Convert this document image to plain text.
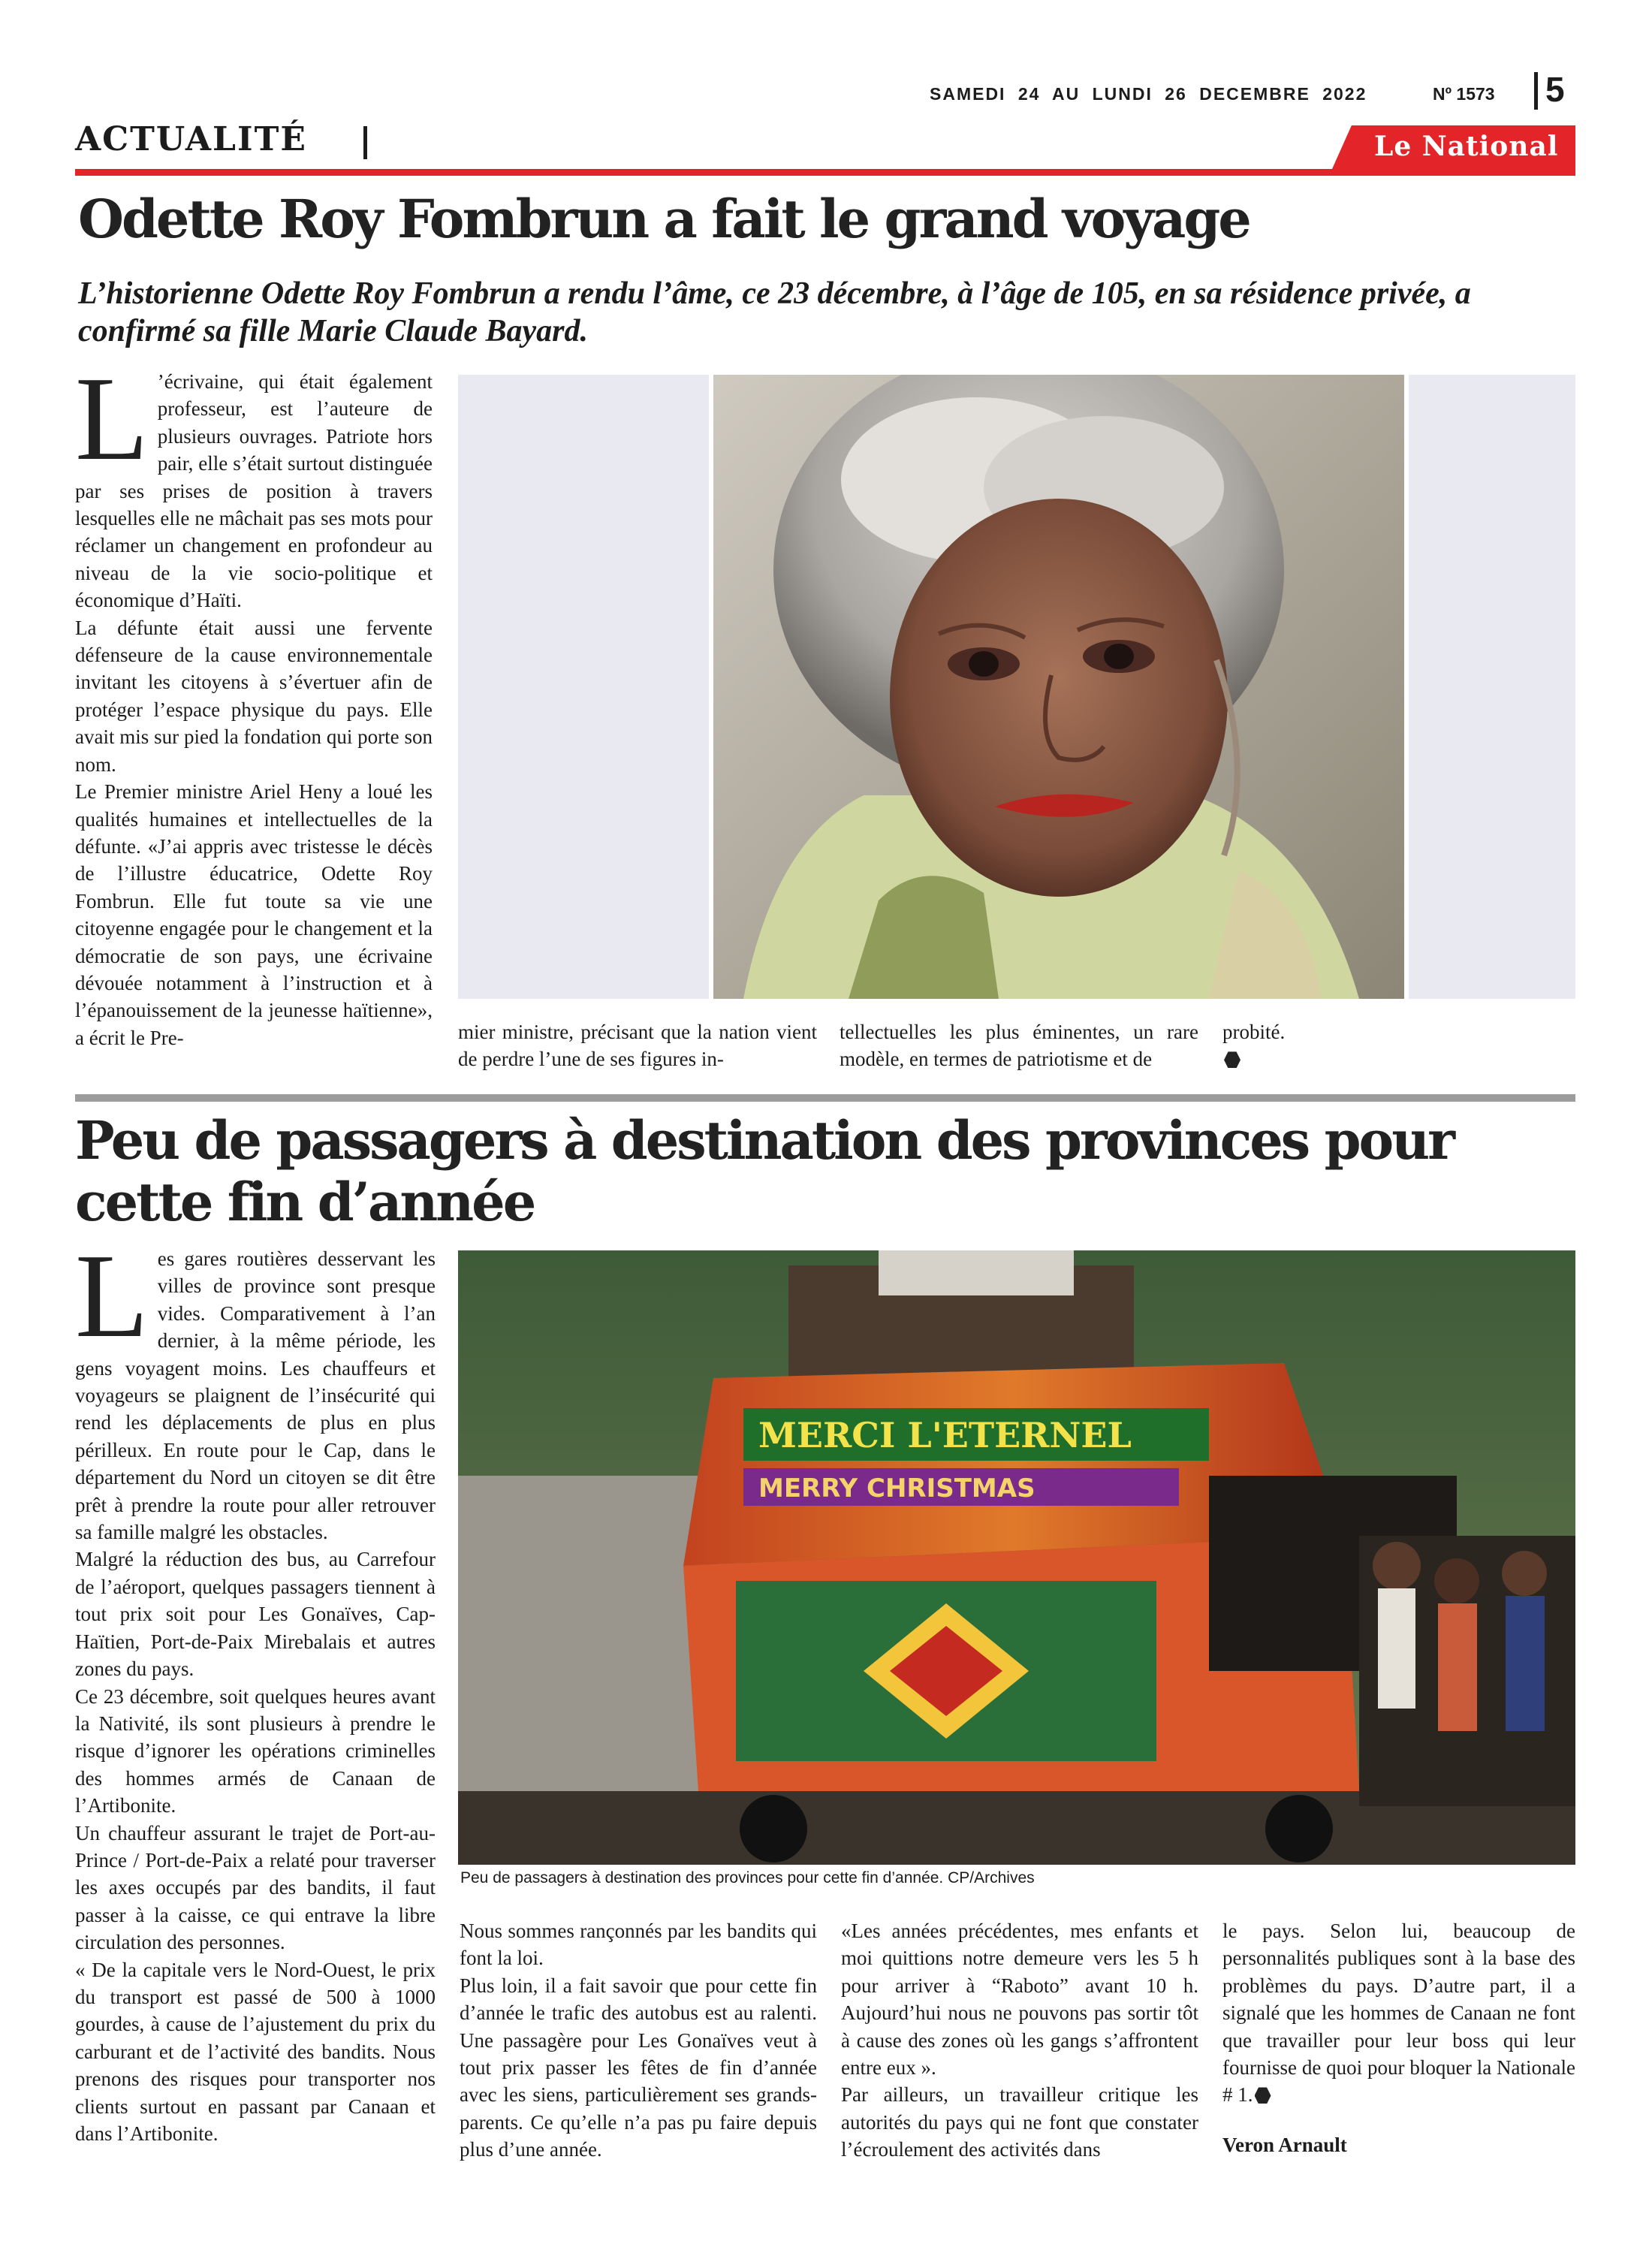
SAMEDI 24 AU LUNDI 26 DECEMBRE 2022	Nº 1573 5
ACTUALITÉ	Le National
Odette Roy Fombrun a fait le grand voyage

L’historienne Odette Roy Fombrun a rendu l’âme, ce 23 décembre, à l’âge de 105, en sa résidence privée, a confirmé sa fille Marie Claude Bayard.

L ’écrivaine, qui était également professeur, est l’auteure de plusieurs ouvrages. Patriote hors pair, elle s’était surtout distinguée par ses prises de position à travers lesquelles elle ne mâchait pas ses mots pour réclamer un changement en profondeur au niveau de la vie socio-politique et économique d’Haïti.

La défunte était aussi une fervente défenseure de la cause environnementale invitant les citoyens à s’évertuer afin de protéger l’espace physique du pays. Elle avait mis sur pied la fondation qui porte son nom.

Le Premier ministre Ariel Heny a loué les qualités humaines et intellectuelles de la défunte. «J’ai appris avec tristesse le décès de l’illustre éducatrice, Odette Roy Fombrun. Elle fut toute sa vie une citoyenne engagée pour le changement et la démocratie de son pays, une écrivaine dévouée notamment à l’instruction et à l’épanouissement de la jeunesse haïtienne», a écrit le Pre-	mier ministre, précisant que la nation vient de perdre l’une de ses figures in-
tellectuelles les plus éminentes, un rare modèle, en termes de patriotisme et de
probité.

Peu de passagers à destination des provinces pour cette fin d’année

Les gares routières desservant les villes de province sont presque vides. Comparativement à l’an dernier, à la même période, les gens voyagent moins. Les chauffeurs et voyageurs se plaignent de l’insécurité qui rend les déplacements de plus en plus périlleux. En route pour le Cap, dans le département du Nord un citoyen se dit être prêt à prendre la route pour aller retrouver sa famille malgré les obstacles.

Malgré la réduction des bus, au Carrefour de l’aéroport, quelques passagers tiennent à tout prix soit pour Les Gonaïves, Cap-Haïtien, Port-de-Paix Mirebalais et autres zones du pays.

Ce 23 décembre, soit quelques heures avant la Nativité, ils sont plusieurs à prendre le risque d’ignorer les opérations criminelles des hommes armés de Canaan de l’Artibonite.

Un chauffeur assurant le trajet de Port-au-Prince / Port-de-Paix a relaté pour traverser les axes occupés par des bandits, il faut passer à la caisse, ce qui entrave la libre circulation des personnes.

« De la capitale vers le Nord-Ouest, le prix du transport est passé de 500 à 1000 gourdes, à cause de l’ajustement du prix du carburant et de l’activité des bandits. Nous prenons des risques pour transporter nos clients surtout en passant par Canaan et dans l’Artibonite.

MERCI L'ETERNEL
MERRY CHRISTMAS
Peu de passagers à destination des provinces pour cette fin d’année. CP/Archives

Nous sommes rançonnés par les bandits qui font la loi.

Plus loin, il a fait savoir que pour cette fin d’année le trafic des autobus est au ralenti. Une passagère pour Les Gonaïves veut à tout prix passer les fêtes de fin d’année avec les siens, particulièrement ses grands-parents. Ce qu’elle n’a pas pu faire depuis plus d’une année.

«Les années précédentes, mes enfants et moi quittions notre demeure vers les 5 h pour arriver à “Raboto” avant 10 h. Aujourd’hui nous ne pouvons pas sortir tôt à cause des zones où les gangs s’affrontent entre eux ».

Par ailleurs, un travailleur critique les autorités du pays qui ne font que constater l’écroulement des activités dans

le pays. Selon lui, beaucoup de personnalités publiques sont à la base des problèmes du pays. D’autre part, il a signalé que les hommes de Canaan ne font que travailler pour leur boss qui leur fournisse de quoi pour bloquer la Nationale # 1.

Veron Arnault
